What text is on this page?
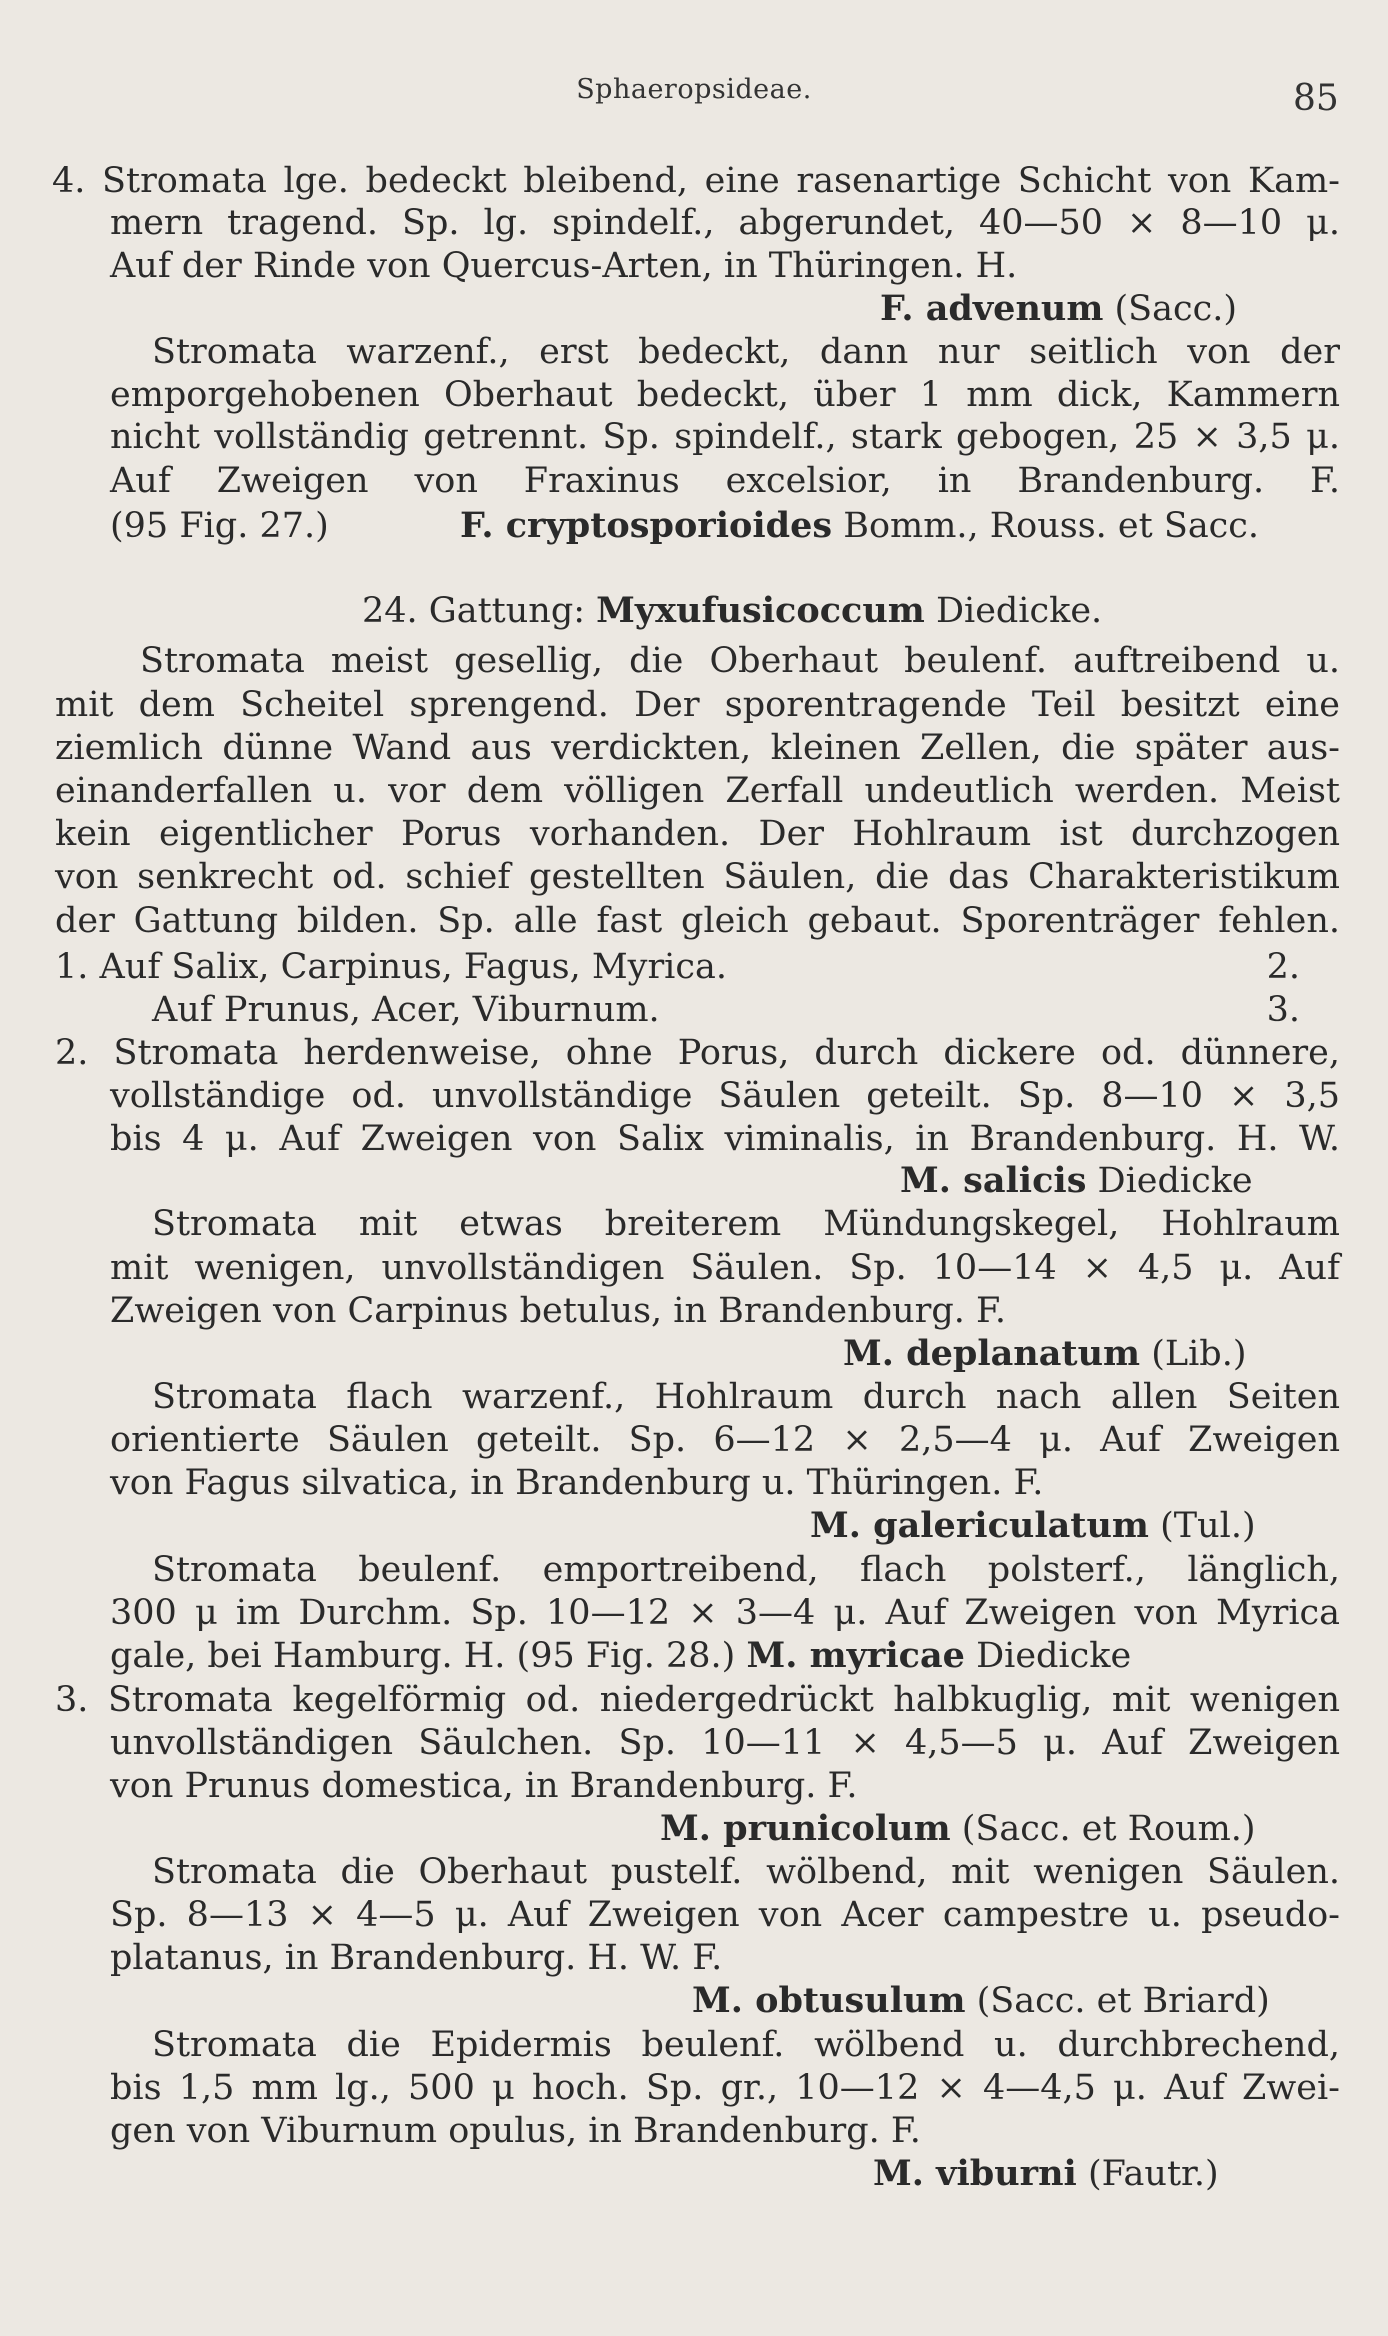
Sphaeropsideae.	85
4. Stromata lge. bedeckt bleibend, eine rasenartige Schicht von Kam-
mern tragend. Sp. lg. spindelf., abgerundet, 40—50 × 8—10 μ.
Auf der Rinde von Quercus-Arten, in Thüringen. H.
F. advenum (Sacc.)
Stromata warzenf., erst bedeckt, dann nur seitlich von der
emporgehobenen Oberhaut bedeckt, über 1 mm dick, Kammern
nicht vollständig getrennt. Sp. spindelf., stark gebogen, 25 × 3,5 μ.
Auf Zweigen von Fraxinus excelsior, in Brandenburg. F.
(95 Fig. 27.)	F. cryptosporioides Bomm., Rouss. et Sacc.
24. Gattung: Myxufusicoccum Diedicke.
Stromata meist gesellig, die Oberhaut beulenf. auftreibend u.
mit dem Scheitel sprengend. Der sporentragende Teil besitzt eine
ziemlich dünne Wand aus verdickten, kleinen Zellen, die später aus-
einanderfallen u. vor dem völligen Zerfall undeutlich werden. Meist
kein eigentlicher Porus vorhanden. Der Hohlraum ist durchzogen
von senkrecht od. schief gestellten Säulen, die das Charakteristikum
der Gattung bilden. Sp. alle fast gleich gebaut. Sporenträger fehlen.
1. Auf Salix, Carpinus, Fagus, Myrica.	2.
Auf Prunus, Acer, Viburnum.	3.
2. Stromata herdenweise, ohne Porus, durch dickere od. dünnere,
vollständige od. unvollständige Säulen geteilt. Sp. 8—10 × 3,5
bis 4 μ. Auf Zweigen von Salix viminalis, in Brandenburg. H. W.
M. salicis Diedicke
Stromata mit etwas breiterem Mündungskegel, Hohlraum
mit wenigen, unvollständigen Säulen. Sp. 10—14 × 4,5 μ. Auf
Zweigen von Carpinus betulus, in Brandenburg. F.
M. deplanatum (Lib.)
Stromata flach warzenf., Hohlraum durch nach allen Seiten
orientierte Säulen geteilt. Sp. 6—12 × 2,5—4 μ. Auf Zweigen
von Fagus silvatica, in Brandenburg u. Thüringen. F.
M. galericulatum (Tul.)
Stromata beulenf. emportreibend, flach polsterf., länglich,
300 μ im Durchm. Sp. 10—12 × 3—4 μ. Auf Zweigen von Myrica
gale, bei Hamburg. H. (95 Fig. 28.) M. myricae Diedicke
3. Stromata kegelförmig od. niedergedrückt halbkuglig, mit wenigen
unvollständigen Säulchen. Sp. 10—11 × 4,5—5 μ. Auf Zweigen
von Prunus domestica, in Brandenburg. F.
M. prunicolum (Sacc. et Roum.)
Stromata die Oberhaut pustelf. wölbend, mit wenigen Säulen.
Sp. 8—13 × 4—5 μ. Auf Zweigen von Acer campestre u. pseudo-
platanus, in Brandenburg. H. W. F.
M. obtusulum (Sacc. et Briard)
Stromata die Epidermis beulenf. wölbend u. durchbrechend,
bis 1,5 mm lg., 500 μ hoch. Sp. gr., 10—12 × 4—4,5 μ. Auf Zwei-
gen von Viburnum opulus, in Brandenburg. F.
M. viburni (Fautr.)
